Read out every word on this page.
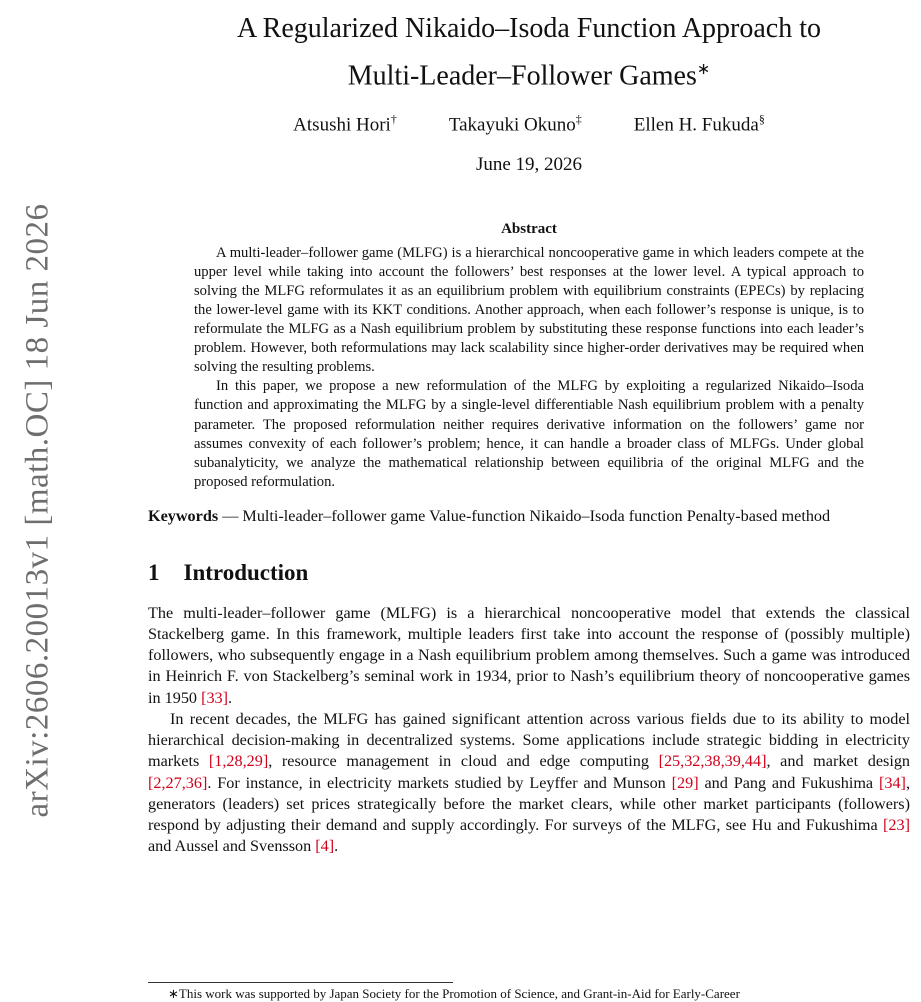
arXiv:2606.20013v1 [math.OC] 18 Jun 2026
A Regularized Nikaido–Isoda Function Approach to
Multi-Leader–Follower Games∗
Atsushi Hori†	Takayuki Okuno‡	Ellen H. Fukuda§
June 19, 2026
Abstract

A multi-leader–follower game (MLFG) is a hierarchical noncooperative game in which leaders compete at the upper level while taking into account the followers’ best responses at the lower level. A typical approach to solving the MLFG reformulates it as an equilibrium problem with equilibrium constraints (EPECs) by replacing the lower-level game with its KKT conditions. Another approach, when each follower’s response is unique, is to reformulate the MLFG as a Nash equilibrium problem by substituting these response functions into each leader’s problem. However, both reformulations may lack scalability since higher-order derivatives may be required when solving the resulting problems.

In this paper, we propose a new reformulation of the MLFG by exploiting a regularized Nikaido–Isoda function and approximating the MLFG by a single-level differentiable Nash equilibrium problem with a penalty parameter. The proposed reformulation neither requires derivative information on the followers’ game nor assumes convexity of each follower’s problem; hence, it can handle a broader class of MLFGs. Under global subanalyticity, we analyze the mathematical relationship between equilibria of the original MLFG and the proposed reformulation.

Keywords — Multi-leader–follower game Value-function Nikaido–Isoda function Penalty-based method
1 Introduction

The multi-leader–follower game (MLFG) is a hierarchical noncooperative model that extends the classical Stackelberg game. In this framework, multiple leaders first take into account the response of (possibly multiple) followers, who subsequently engage in a Nash equilibrium problem among themselves. Such a game was introduced in Heinrich F. von Stackelberg’s seminal work in 1934, prior to Nash’s equilibrium theory of noncooperative games in 1950 [33].

In recent decades, the MLFG has gained significant attention across various fields due to its ability to model hierarchical decision-making in decentralized systems. Some applications include strategic bidding in electricity markets [1,28,29], resource management in cloud and edge computing [25,32,38,39,44], and market design [2,27,36]. For instance, in electricity markets studied by Leyffer and Munson [29] and Pang and Fukushima [34], generators (leaders) set prices strategically before the market clears, while other market participants (followers) respond by adjusting their demand and supply accordingly. For surveys of the MLFG, see Hu and Fukushima [23] and Aussel and Svensson [4].

∗This work was supported by Japan Society for the Promotion of Science, and Grant-in-Aid for Early-Career
